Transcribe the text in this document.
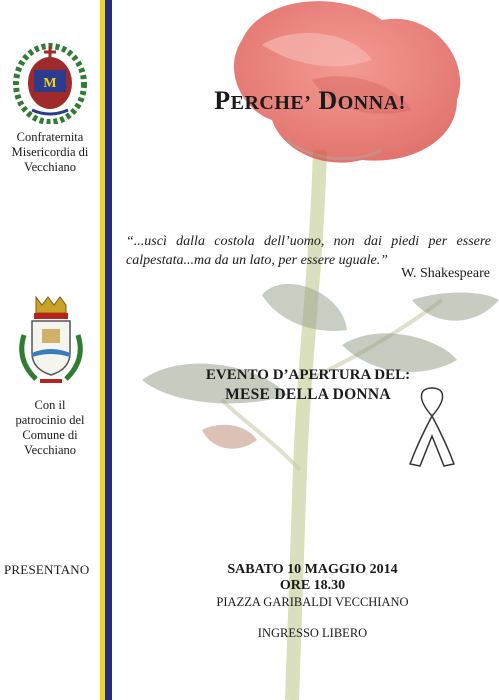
M
Confraternita
Misericordia di
Vecchiano
Con il
patrocinio del
Comune di
Vecchiano
PRESENTANO
PERCHE’ DONNA!
“...uscì dalla costola dell’uomo, non dai piedi per essere calpestata...ma da un lato, per essere uguale.”
W. Shakespeare
EVENTO D’APERTURA DEL:
MESE DELLA DONNA
SABATO 10 MAGGIO 2014
ORE 18.30
PIAZZA GARIBALDI VECCHIANO
INGRESSO LIBERO
